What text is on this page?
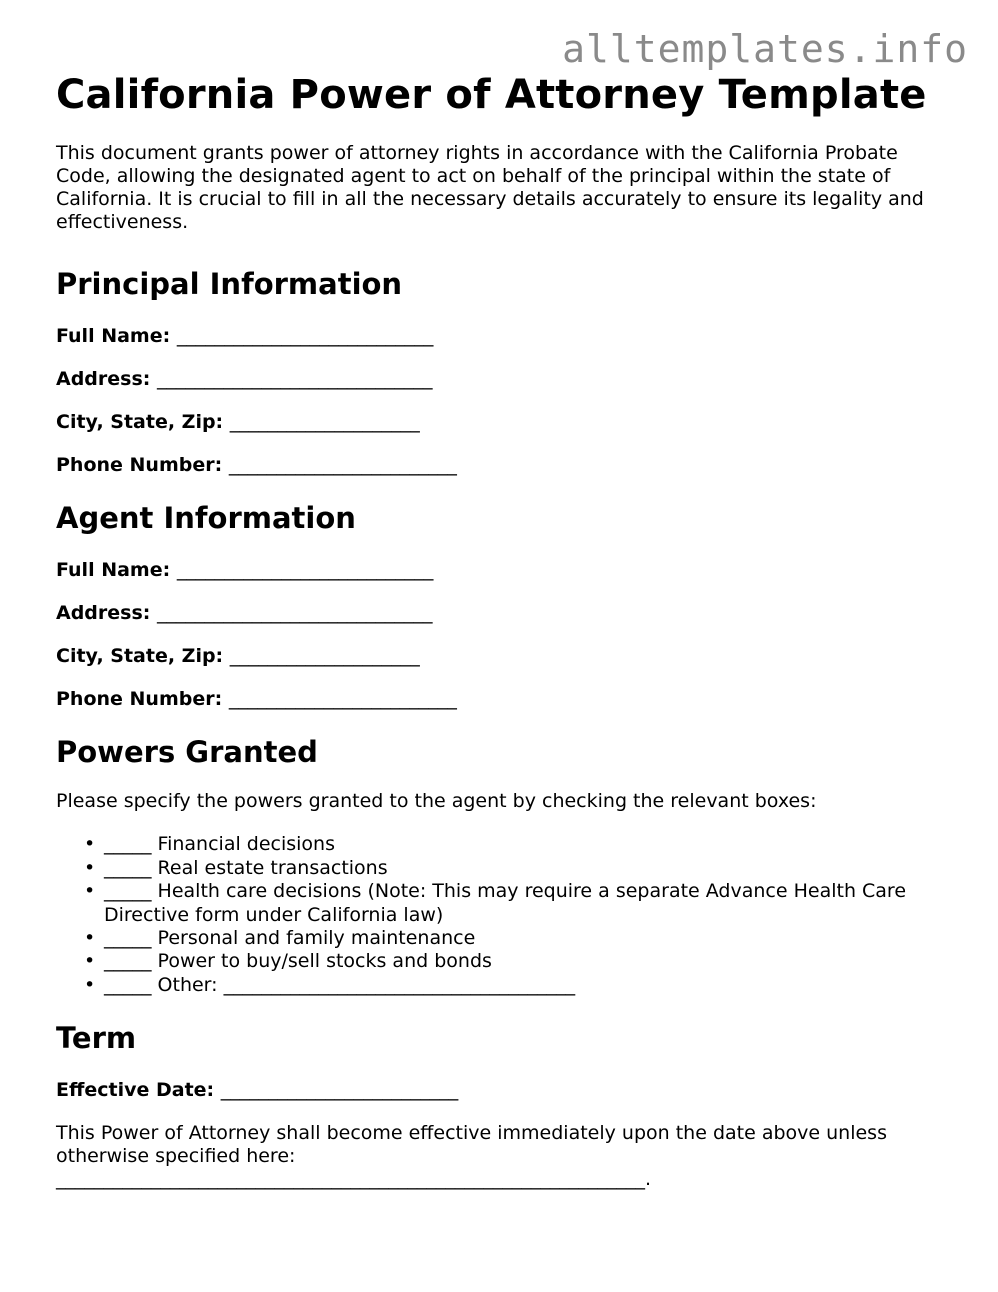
alltemplates.info
California Power of Attorney Template

This document grants power of attorney rights in accordance with the California Probate Code, allowing the designated agent to act on behalf of the principal within the state of California. It is crucial to fill in all the necessary details accurately to ensure its legality and effectiveness.

Principal Information

Full Name: ___________________________

Address: _____________________________

City, State, Zip: ____________________

Phone Number: ________________________

Agent Information

Full Name: ___________________________

Address: _____________________________

City, State, Zip: ____________________

Phone Number: ________________________

Powers Granted

Please specify the powers granted to the agent by checking the relevant boxes:

• _____ Financial decisions
• _____ Real estate transactions
• _____ Health care decisions (Note: This may require a separate Advance Health Care Directive form under California law)
• _____ Personal and family maintenance
• _____ Power to buy/sell stocks and bonds
• _____ Other: _____________________________________
Term

Effective Date: _________________________

This Power of Attorney shall become effective immediately upon the date above unless otherwise specified here:

______________________________________________________________.
